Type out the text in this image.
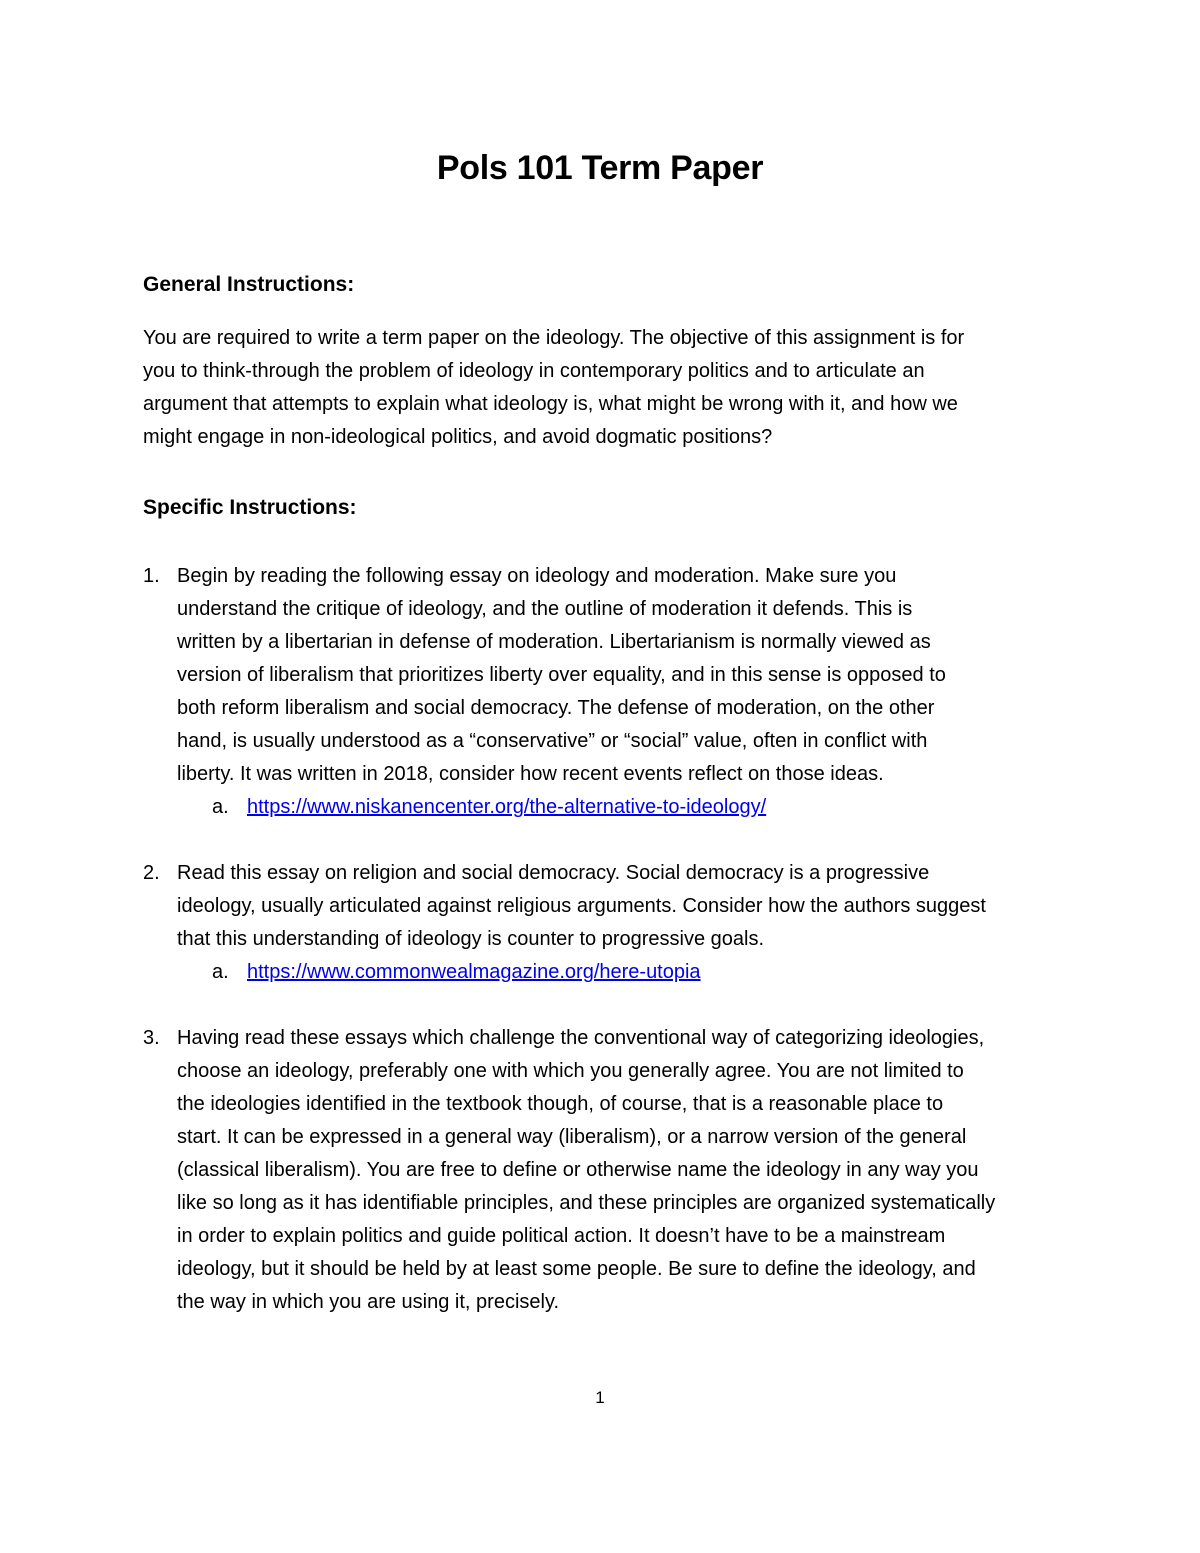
Pols 101 Term Paper
General Instructions:

You are required to write a term paper on the ideology. The objective of this assignment is for

you to think-through the problem of ideology in contemporary politics and to articulate an

argument that attempts to explain what ideology is, what might be wrong with it, and how we

might engage in non-ideological politics, and avoid dogmatic positions?

Specific Instructions:
1. Begin by reading the following essay on ideology and moderation. Make sure you
understand the critique of ideology, and the outline of moderation it defends. This is
written by a libertarian in defense of moderation. Libertarianism is normally viewed as
version of liberalism that prioritizes liberty over equality, and in this sense is opposed to
both reform liberalism and social democracy. The defense of moderation, on the other
hand, is usually understood as a “conservative” or “social” value, often in conflict with
liberty. It was written in 2018, consider how recent events reflect on those ideas.
a. https://www.niskanencenter.org/the-alternative-to-ideology/
2. Read this essay on religion and social democracy. Social democracy is a progressive
ideology, usually articulated against religious arguments. Consider how the authors suggest
that this understanding of ideology is counter to progressive goals.
a. https://www.commonwealmagazine.org/here-utopia
3. Having read these essays which challenge the conventional way of categorizing ideologies,
choose an ideology, preferably one with which you generally agree. You are not limited to
the ideologies identified in the textbook though, of course, that is a reasonable place to
start. It can be expressed in a general way (liberalism), or a narrow version of the general
(classical liberalism). You are free to define or otherwise name the ideology in any way you
like so long as it has identifiable principles, and these principles are organized systematically
in order to explain politics and guide political action. It doesn’t have to be a mainstream
ideology, but it should be held by at least some people. Be sure to define the ideology, and
the way in which you are using it, precisely.
1
